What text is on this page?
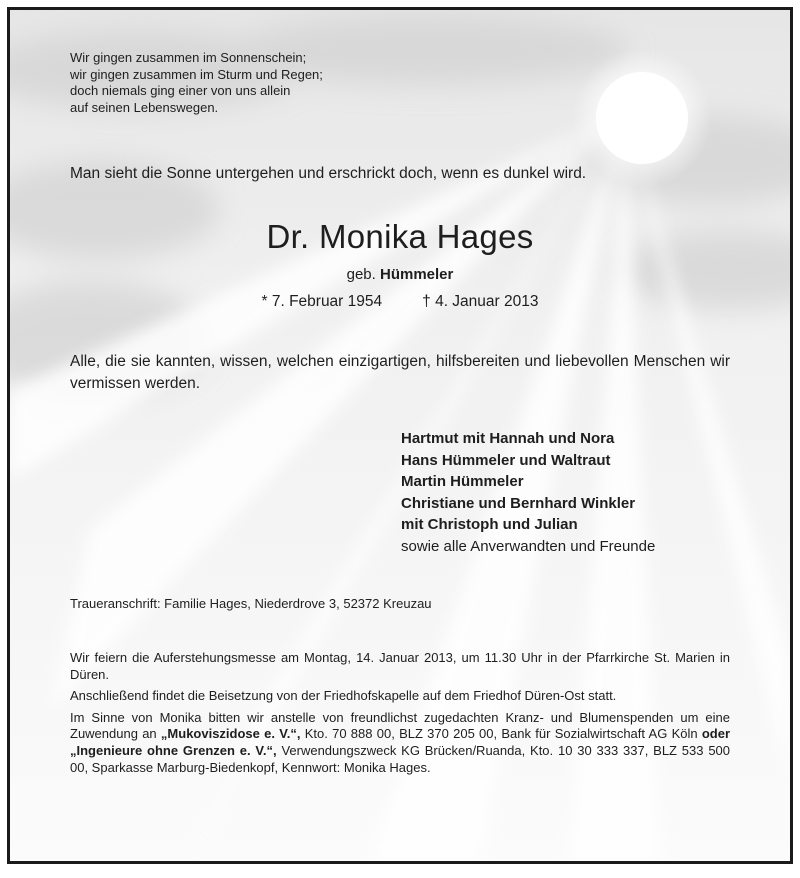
Wir gingen zusammen im Sonnenschein;
wir gingen zusammen im Sturm und Regen;
doch niemals ging einer von uns allein
auf seinen Lebenswegen.
Man sieht die Sonne untergehen und erschrickt doch, wenn es dunkel wird.
Dr. Monika Hages
geb. Hümmeler
* 7. Februar 1954	† 4. Januar 2013
Alle, die sie kannten, wissen, welchen einzigartigen, hilfsbereiten und liebevollen Menschen wir vermissen werden.
Hartmut mit Hannah und Nora
Hans Hümmeler und Waltraut
Martin Hümmeler
Christiane und Bernhard Winkler
mit Christoph und Julian
sowie alle Anverwandten und Freunde
Traueranschrift: Familie Hages, Niederdrove 3, 52372 Kreuzau

Wir feiern die Auferstehungsmesse am Montag, 14. Januar 2013, um 11.30 Uhr in der Pfarrkirche St. Marien in Düren.

Anschließend findet die Beisetzung von der Friedhofskapelle auf dem Friedhof Düren-Ost statt.

Im Sinne von Monika bitten wir anstelle von freundlichst zugedachten Kranz- und Blumenspenden um eine Zuwendung an „Mukoviszidose e. V.“, Kto. 70 888 00, BLZ 370 205 00, Bank für Sozialwirtschaft AG Köln oder „Ingenieure ohne Grenzen e. V.“, Verwendungszweck KG Brücken/Ruanda, Kto. 10 30 333 337, BLZ 533 500 00, Sparkasse Marburg-Biedenkopf, Kennwort: Monika Hages.
